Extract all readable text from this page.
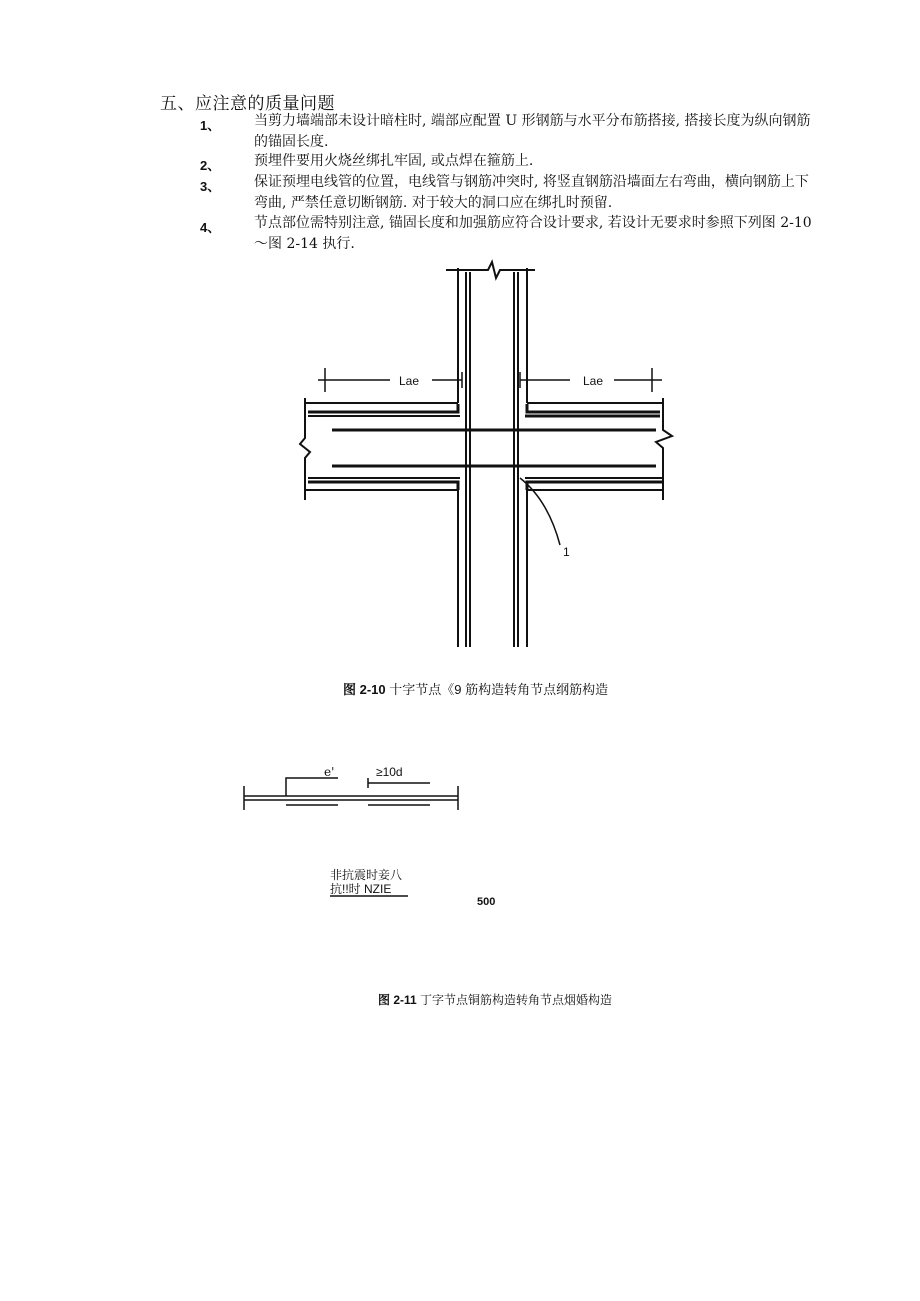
五、应注意的质量问题
1、 当剪力墙端部未设计暗柱时, 端部应配置 U 形钢筋与水平分布筋搭接, 搭接长度为纵向钢筋的锚固长度.
2、 预埋件要用火烧丝绑扎牢固, 或点焊在箍筋上.
3、 保证预埋电线管的位置，电线管与钢筋冲突时, 将竖直钢筋沿墙面左右弯曲，横向钢筋上下弯曲, 严禁任意切断钢筋. 对于较大的洞口应在绑扎时预留.
4、 节点部位需特别注意, 锚固长度和加强筋应符合设计要求, 若设计无要求时参照下列图 2-10～图 2-14 执行.
Lae	Lae
1
图 2-10 十字节点《9 筋构造转角节点纲筋构造
e'	≥10d
非抗震时妾八
抗!!时 NZIE
500
图 2-11 丁字节点铜筋构造转角节点烟婚构造
